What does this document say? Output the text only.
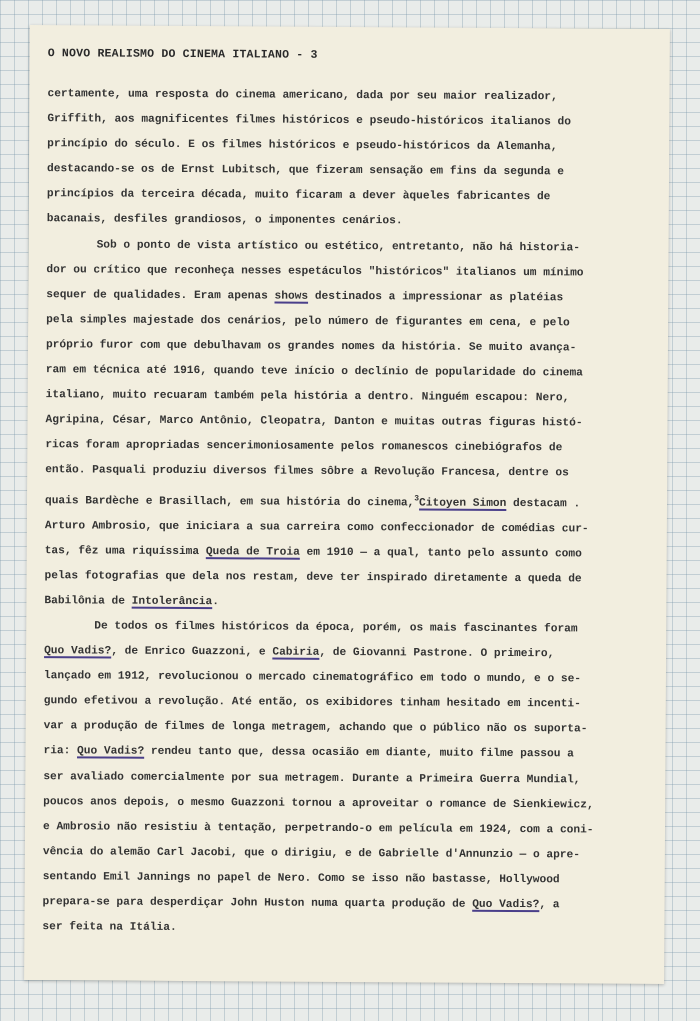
O NOVO REALISMO DO CINEMA ITALIANO - 3
certamente, uma resposta do cinema americano, dada por seu maior realizador,
Griffith, aos magnificentes filmes históricos e pseudo-históricos italianos do
princípio do século. E os filmes históricos e pseudo-históricos da Alemanha,
destacando-se os de Ernst Lubitsch, que fizeram sensação em fins da segunda e
princípios da terceira década, muito ficaram a dever àqueles fabricantes de
bacanais, desfiles grandiosos, o imponentes cenários.
Sob o ponto de vista artístico ou estético, entretanto, não há historia-
dor ou crítico que reconheça nesses espetáculos "históricos" italianos um mínimo
sequer de qualidades. Eram apenas shows destinados a impressionar as platéias
pela simples majestade dos cenários, pelo número de figurantes em cena, e pelo
próprio furor com que debulhavam os grandes nomes da história. Se muito avança-
ram em técnica até 1916, quando teve início o declínio de popularidade do cinema
italiano, muito recuaram também pela história a dentro. Ninguém escapou: Nero,
Agripina, César, Marco Antônio, Cleopatra, Danton e muitas outras figuras histó-
ricas foram apropriadas sencerimoniosamente pelos romanescos cinebiógrafos de
então. Pasquali produziu diversos filmes sôbre a Revolução Francesa, dentre os
quais Bardèche e Brasillach, em sua história do cinema,$^3$Citoyen Simon destacam .
Arturo Ambrosio, que iniciara a sua carreira como confeccionador de comédias cur-
tas, fêz uma riquíssima Queda de Troia em 1910 — a qual, tanto pelo assunto como
pelas fotografias que dela nos restam, deve ter inspirado diretamente a queda de
Babilônia de Intolerância.
De todos os filmes históricos da época, porém, os mais fascinantes foram
Quo Vadis?, de Enrico Guazzoni, e Cabiria, de Giovanni Pastrone. O primeiro,
lançado em 1912, revolucionou o mercado cinematográfico em todo o mundo, e o se-
gundo efetivou a revolução. Até então, os exibidores tinham hesitado em incenti-
var a produção de filmes de longa metragem, achando que o público não os suporta-
ria: Quo Vadis? rendeu tanto que, dessa ocasião em diante, muito filme passou a
ser avaliado comercialmente por sua metragem. Durante a Primeira Guerra Mundial,
poucos anos depois, o mesmo Guazzoni tornou a aproveitar o romance de Sienkiewicz,
e Ambrosio não resistiu à tentação, perpetrando-o em película em 1924, com a coni-
vência do alemão Carl Jacobi, que o dirigiu, e de Gabrielle d'Annunzio — o apre-
sentando Emil Jannings no papel de Nero. Como se isso não bastasse, Hollywood
prepara-se para desperdiçar John Huston numa quarta produção de Quo Vadis?, a
ser feita na Itália.
